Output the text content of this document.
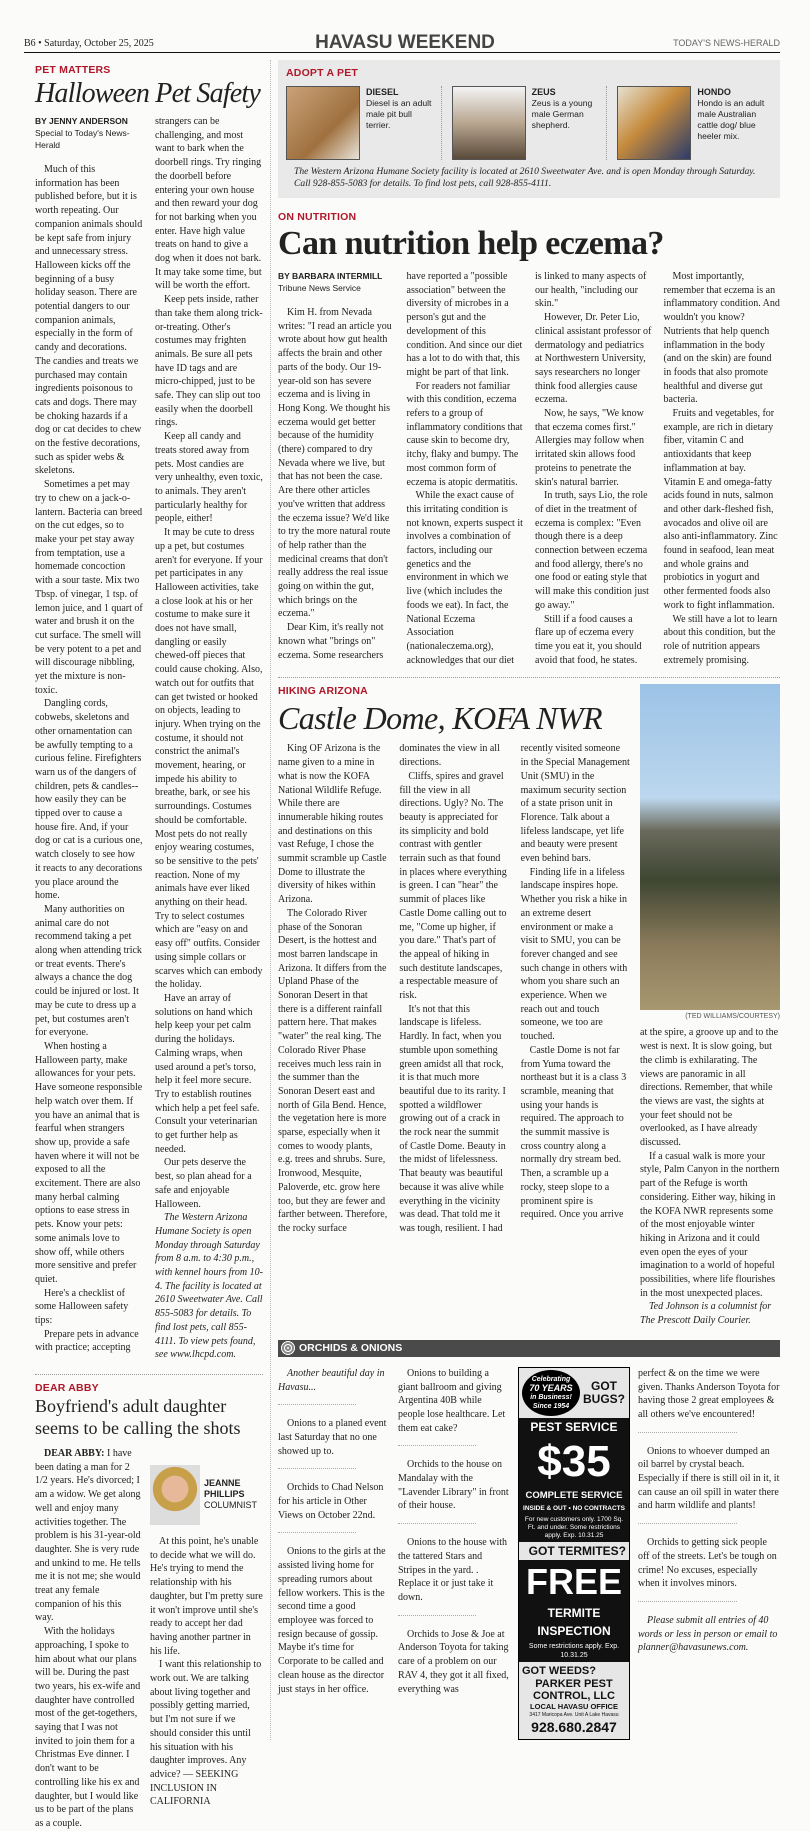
B6 • Saturday, October 25, 2025	HAVASU WEEKEND	TODAY'S NEWS-HERALD
PET MATTERS
Halloween Pet Safety
BY JENNY ANDERSON
Special to Today's News-Herald

Much of this information has been published before, but it is worth repeating. Our companion animals should be kept safe from injury and unnecessary stress. Halloween kicks off the beginning of a busy holiday season. There are potential dangers to our companion animals, especially in the form of candy and decorations. The candies and treats we purchased may contain ingredients poisonous to cats and dogs. There may be choking hazards if a dog or cat decides to chew on the festive decorations, such as spider webs & skeletons.

Sometimes a pet may try to chew on a jack-o-lantern. Bacteria can breed on the cut edges, so to make your pet stay away from temptation, use a homemade concoction with a sour taste. Mix two Tbsp. of vinegar, 1 tsp. of lemon juice, and 1 quart of water and brush it on the cut surface. The smell will be very potent to a pet and will discourage nibbling, yet the mixture is non-toxic.

Dangling cords, cobwebs, skeletons and other ornamentation can be awfully tempting to a curious feline. Firefighters warn us of the dangers of children, pets & candles--how easily they can be tipped over to cause a house fire. And, if your dog or cat is a curious one, watch closely to see how it reacts to any decorations you place around the home.

Many authorities on animal care do not recommend taking a pet along when attending trick or treat events. There's always a chance the dog could be injured or lost. It may be cute to dress up a pet, but costumes aren't for everyone.

When hosting a Halloween party, make allowances for your pets. Have someone responsible help watch over them. If you have an animal that is fearful when strangers show up, provide a safe haven where it will not be exposed to all the excitement. There are also many herbal calming options to ease stress in pets. Know your pets: some animals love to show off, while others more sensitive and prefer quiet.

Here's a checklist of some Halloween safety tips:

Prepare pets in advance with practice; accepting strangers can be challenging, and most want to bark when the doorbell rings. Try ringing the doorbell before entering your own house and then reward your dog for not barking when you enter. Have high value treats on hand to give a dog when it does not bark. It may take some time, but will be worth the effort.

Keep pets inside, rather than take them along trick-or-treating. Other's costumes may frighten animals. Be sure all pets have ID tags and are micro-chipped, just to be safe. They can slip out too easily when the doorbell rings.

Keep all candy and treats stored away from pets. Most candies are very unhealthy, even toxic, to animals. They aren't particularly healthy for people, either!

It may be cute to dress up a pet, but costumes aren't for everyone. If your pet participates in any Halloween activities, take a close look at his or her costume to make sure it does not have small, dangling or easily chewed-off pieces that could cause choking. Also, watch out for outfits that can get twisted or hooked on objects, leading to injury. When trying on the costume, it should not constrict the animal's movement, hearing, or impede his ability to breathe, bark, or see his surroundings. Costumes should be comfortable. Most pets do not really enjoy wearing costumes, so be sensitive to the pets' reaction. None of my animals have ever liked anything on their head. Try to select costumes which are "easy on and easy off" outfits. Consider using simple collars or scarves which can embody the holiday.

Have an array of solutions on hand which help keep your pet calm during the holidays. Calming wraps, when used around a pet's torso, help it feel more secure. Try to establish routines which help a pet feel safe. Consult your veterinarian to get further help as needed.

Our pets deserve the best, so plan ahead for a safe and enjoyable Halloween.

The Western Arizona Humane Society is open Monday through Saturday from 8 a.m. to 4:30 p.m., with kennel hours from 10-4. The facility is located at 2610 Sweetwater Ave. Call 855-5083 for details. To find lost pets, call 855-4111. To view pets found, see www.lhcpd.com.

DEAR ABBY
Boyfriend's adult daughter seems to be calling the shots

DEAR ABBY: I have been dating a man for 2 1/2 years. He's divorced; I am a widow. We get along well and enjoy many activities together. The problem is his 31-year-old daughter. She is very rude and unkind to me. He tells me it is not me; she would treat any female companion of his this way.

With the holidays approaching, I spoke to him about what our plans will be. During the past two years, his ex-wife and daughter have controlled most of the get-togethers, saying that I was not invited to join them for a Christmas Eve dinner. I don't want to be controlling like his ex and daughter, but I would like us to be part of the plans as a couple.

JEANNE
PHILLIPS
COLUMNIST

At this point, he's unable to decide what we will do. He's trying to mend the relationship with his daughter, but I'm pretty sure it won't improve until she's ready to accept her dad having another partner in his life.

I want this relationship to work out. We are talking about living together and possibly getting married, but I'm not sure if we should consider this until his situation with his daughter improves. Any advice? — SEEKING INCLUSION IN CALIFORNIA

ADOPT A PET
DIESEL
Diesel is an adult male pit bull terrier.
ZEUS
Zeus is a young male German shepherd.
HONDO
Hondo is an adult male Australian cattle dog/ blue heeler mix.
The Western Arizona Humane Society facility is located at 2610 Sweetwater Ave. and is open Monday through Saturday. Call 928-855-5083 for details. To find lost pets, call 928-855-4111.
ON NUTRITION
Can nutrition help eczema?
BY BARBARA INTERMILL
Tribune News Service

Kim H. from Nevada writes: "I read an article you wrote about how gut health affects the brain and other parts of the body. Our 19-year-old son has severe eczema and is living in Hong Kong. We thought his eczema would get better because of the humidity (there) compared to dry Nevada where we live, but that has not been the case. Are there other articles you've written that address the eczema issue? We'd like to try the more natural route of help rather than the medicinal creams that don't really address the real issue going on within the gut, which brings on the eczema."

Dear Kim, it's really not known what "brings on" eczema. Some researchers have reported a "possible association" between the diversity of microbes in a person's gut and the development of this condition. And since our diet has a lot to do with that, this might be part of that link.

For readers not familiar with this condition, eczema refers to a group of inflammatory conditions that cause skin to become dry, itchy, flaky and bumpy. The most common form of eczema is atopic dermatitis.

While the exact cause of this irritating condition is not known, experts suspect it involves a combination of factors, including our genetics and the environment in which we live (which includes the foods we eat). In fact, the National Eczema Association (nationaleczema.org), acknowledges that our diet is linked to many aspects of our health, "including our skin."

However, Dr. Peter Lio, clinical assistant professor of dermatology and pediatrics at Northwestern University, says researchers no longer think food allergies cause eczema.

Now, he says, "We know that eczema comes first." Allergies may follow when irritated skin allows food proteins to penetrate the skin's natural barrier.

In truth, says Lio, the role of diet in the treatment of eczema is complex: "Even though there is a deep connection between eczema and food allergy, there's no one food or eating style that will make this condition just go away."

Still if a food causes a flare up of eczema every time you eat it, you should avoid that food, he states.

Most importantly, remember that eczema is an inflammatory condition. And wouldn't you know? Nutrients that help quench inflammation in the body (and on the skin) are found in foods that also promote healthful and diverse gut bacteria.

Fruits and vegetables, for example, are rich in dietary fiber, vitamin C and antioxidants that keep inflammation at bay. Vitamin E and omega-fatty acids found in nuts, salmon and other dark-fleshed fish, avocados and olive oil are also anti-inflammatory. Zinc found in seafood, lean meat and whole grains and probiotics in yogurt and other fermented foods also work to fight inflammation.

We still have a lot to learn about this condition, but the role of nutrition appears extremely promising.

HIKING ARIZONA
Castle Dome, KOFA NWR

King OF Arizona is the name given to a mine in what is now the KOFA National Wildlife Refuge. While there are innumerable hiking routes and destinations on this vast Refuge, I chose the summit scramble up Castle Dome to illustrate the diversity of hikes within Arizona.

The Colorado River phase of the Sonoran Desert, is the hottest and most barren landscape in Arizona. It differs from the Upland Phase of the Sonoran Desert in that there is a different rainfall pattern here. That makes "water" the real king. The Colorado River Phase receives much less rain in the summer than the Sonoran Desert east and north of Gila Bend. Hence, the vegetation here is more sparse, especially when it comes to woody plants, e.g. trees and shrubs. Sure, Ironwood, Mesquite, Paloverde, etc. grow here too, but they are fewer and farther between. Therefore, the rocky surface dominates the view in all directions.

Cliffs, spires and gravel fill the view in all directions. Ugly? No. The beauty is appreciated for its simplicity and bold contrast with gentler terrain such as that found in places where everything is green. I can "hear" the summit of places like Castle Dome calling out to me, "Come up higher, if you dare." That's part of the appeal of hiking in such destitute landscapes, a respectable measure of risk.

It's not that this landscape is lifeless. Hardly. In fact, when you stumble upon something green amidst all that rock, it is that much more beautiful due to its rarity. I spotted a wildflower growing out of a crack in the rock near the summit of Castle Dome. Beauty in the midst of lifelessness. That beauty was beautiful because it was alive while everything in the vicinity was dead. That told me it was tough, resilient. I had recently visited someone in the Special Management Unit (SMU) in the maximum security section of a state prison unit in Florence. Talk about a lifeless landscape, yet life and beauty were present even behind bars.

Finding life in a lifeless landscape inspires hope. Whether you risk a hike in an extreme desert environment or make a visit to SMU, you can be forever changed and see such change in others with whom you share such an experience. When we reach out and touch someone, we too are touched.

Castle Dome is not far from Yuma toward the northeast but it is a class 3 scramble, meaning that using your hands is required. The approach to the summit massive is cross country along a normally dry stream bed. Then, a scramble up a rocky, steep slope to a prominent spire is required. Once you arrive

(TED WILLIAMS/COURTESY)

at the spire, a groove up and to the west is next. It is slow going, but the climb is exhilarating. The views are panoramic in all directions. Remember, that while the views are vast, the sights at your feet should not be overlooked, as I have already discussed.

If a casual walk is more your style, Palm Canyon in the northern part of the Refuge is worth considering. Either way, hiking in the KOFA NWR represents some of the most enjoyable winter hiking in Arizona and it could even open the eyes of your imagination to a world of hopeful possibilities, where life flourishes in the most unexpected places.

Ted Johnson is a columnist for The Prescott Daily Courier.

ORCHIDS & ONIONS

Another beautiful day in Havasu...

Onions to a planed event last Saturday that no one showed up to.

Orchids to Chad Nelson for his article in Other Views on October 22nd.

Onions to the girls at the assisted living home for spreading rumors about fellow workers. This is the second time a good employee was forced to resign because of gossip. Maybe it's time for Corporate to be called and clean house as the director just stays in her office.

Onions to building a giant ballroom and giving Argentina 40B while people lose healthcare. Let them eat cake?

Orchids to the house on Mandalay with the "Lavender Library" in front of their house.

Onions to the house with the tattered Stars and Stripes in the yard. . Replace it or just take it down.

Orchids to Jose & Joe at Anderson Toyota for taking care of a problem on our RAV 4, they got it all fixed, everything was

Celebrating
70 YEARS
in Business!
Since 1954
GOT BUGS?
PEST SERVICE
$35
COMPLETE SERVICE
INSIDE & OUT • NO CONTRACTS
For new customers only. 1700 Sq. Ft. and under. Some restrictions apply. Exp. 10.31.25
GOT TERMITES?
FREE
TERMITE
INSPECTION
Some restrictions apply. Exp. 10.31.25
GOT WEEDS?
PARKER PEST CONTROL, LLC
LOCAL HAVASU OFFICE
3417 Maricopa Ave. Unit A Lake Havasu
928.680.2847

perfect & on the time we were given. Thanks Anderson Toyota for having those 2 great employees & all others we've encountered!

Onions to whoever dumped an oil barrel by crystal beach. Especially if there is still oil in it, it can cause an oil spill in water there and harm wildlife and plants!

Orchids to getting sick people off of the streets. Let's be tough on crime! No excuses, especially when it involves minors.

Please submit all entries of 40 words or less in person or email to planner@havasunews.com.
